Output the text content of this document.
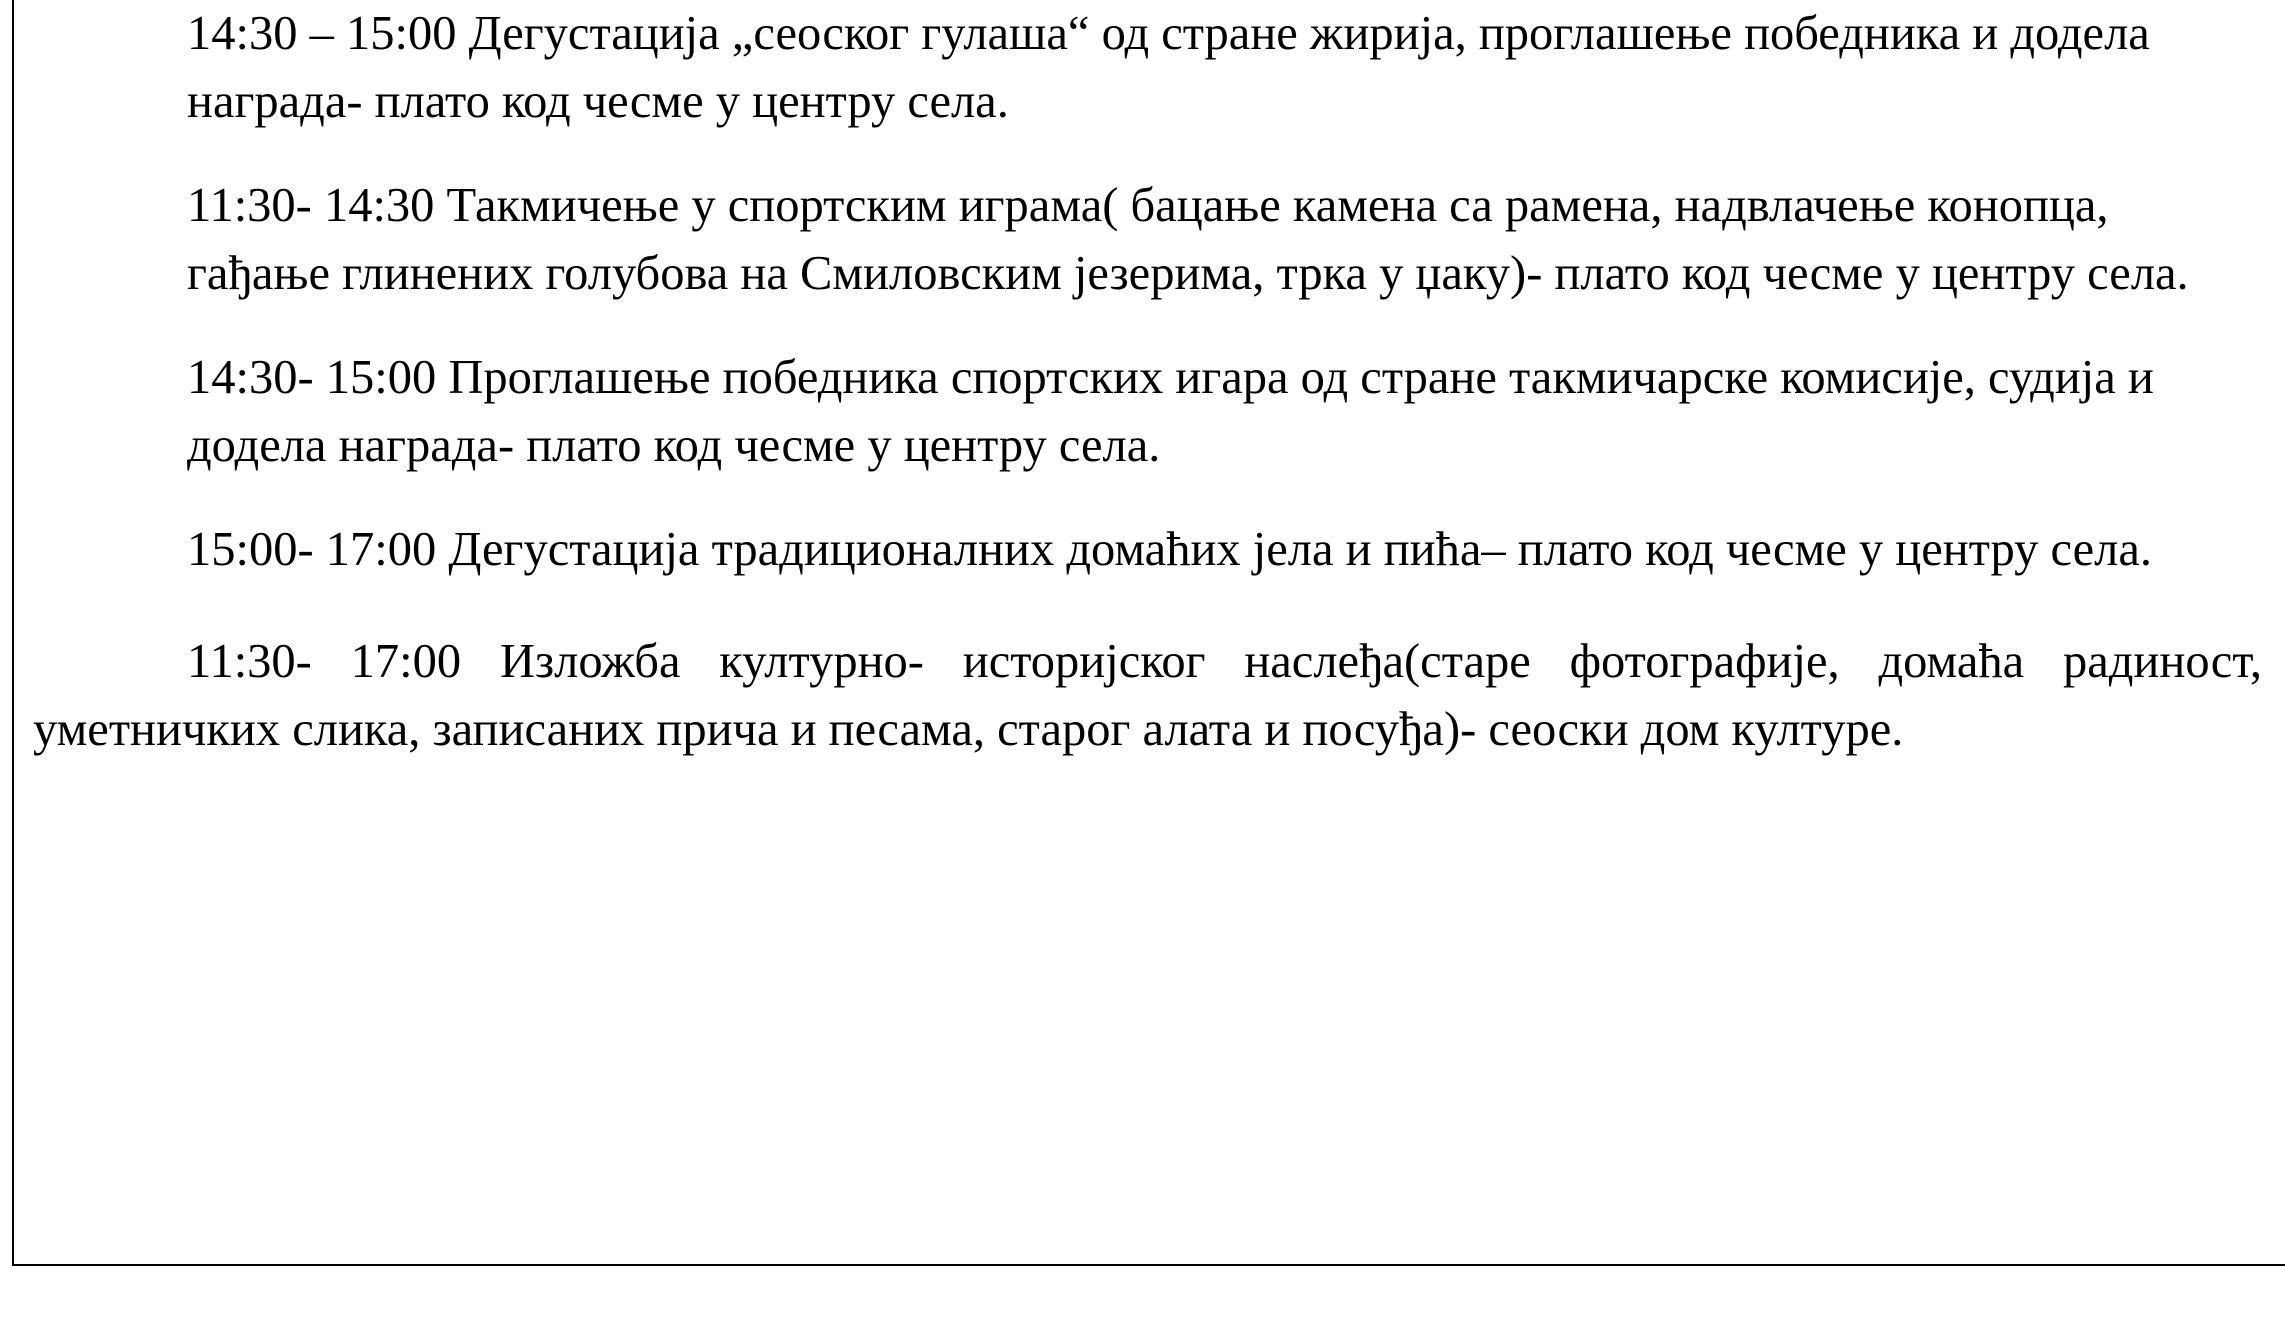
14:30 – 15:00 Дегустација „сеоског гулаша“ од стране жирија, проглашење победника и додела
награда- плато код чесме у центру села.
11:30- 14:30 Такмичење у спортским играма( бацање камена са рамена, надвлачење конопца,
гађање глинених голубова на Смиловским језерима, трка у џаку)- плато код чесме у центру села.
14:30- 15:00 Проглашење победника спортских игара од стране такмичарске комисије, судија и
додела награда- плато код чесме у центру села.
15:00- 17:00 Дегустација традиционалних домаћих јела и пића– плато код чесме у центру села.
11:30- 17:00 Изложба културно- историјског наслеђа(старе фотографије, домаћа радиност,
уметничких слика, записаних прича и песама, старог алата и посуђа)- сеоски дом културе.
